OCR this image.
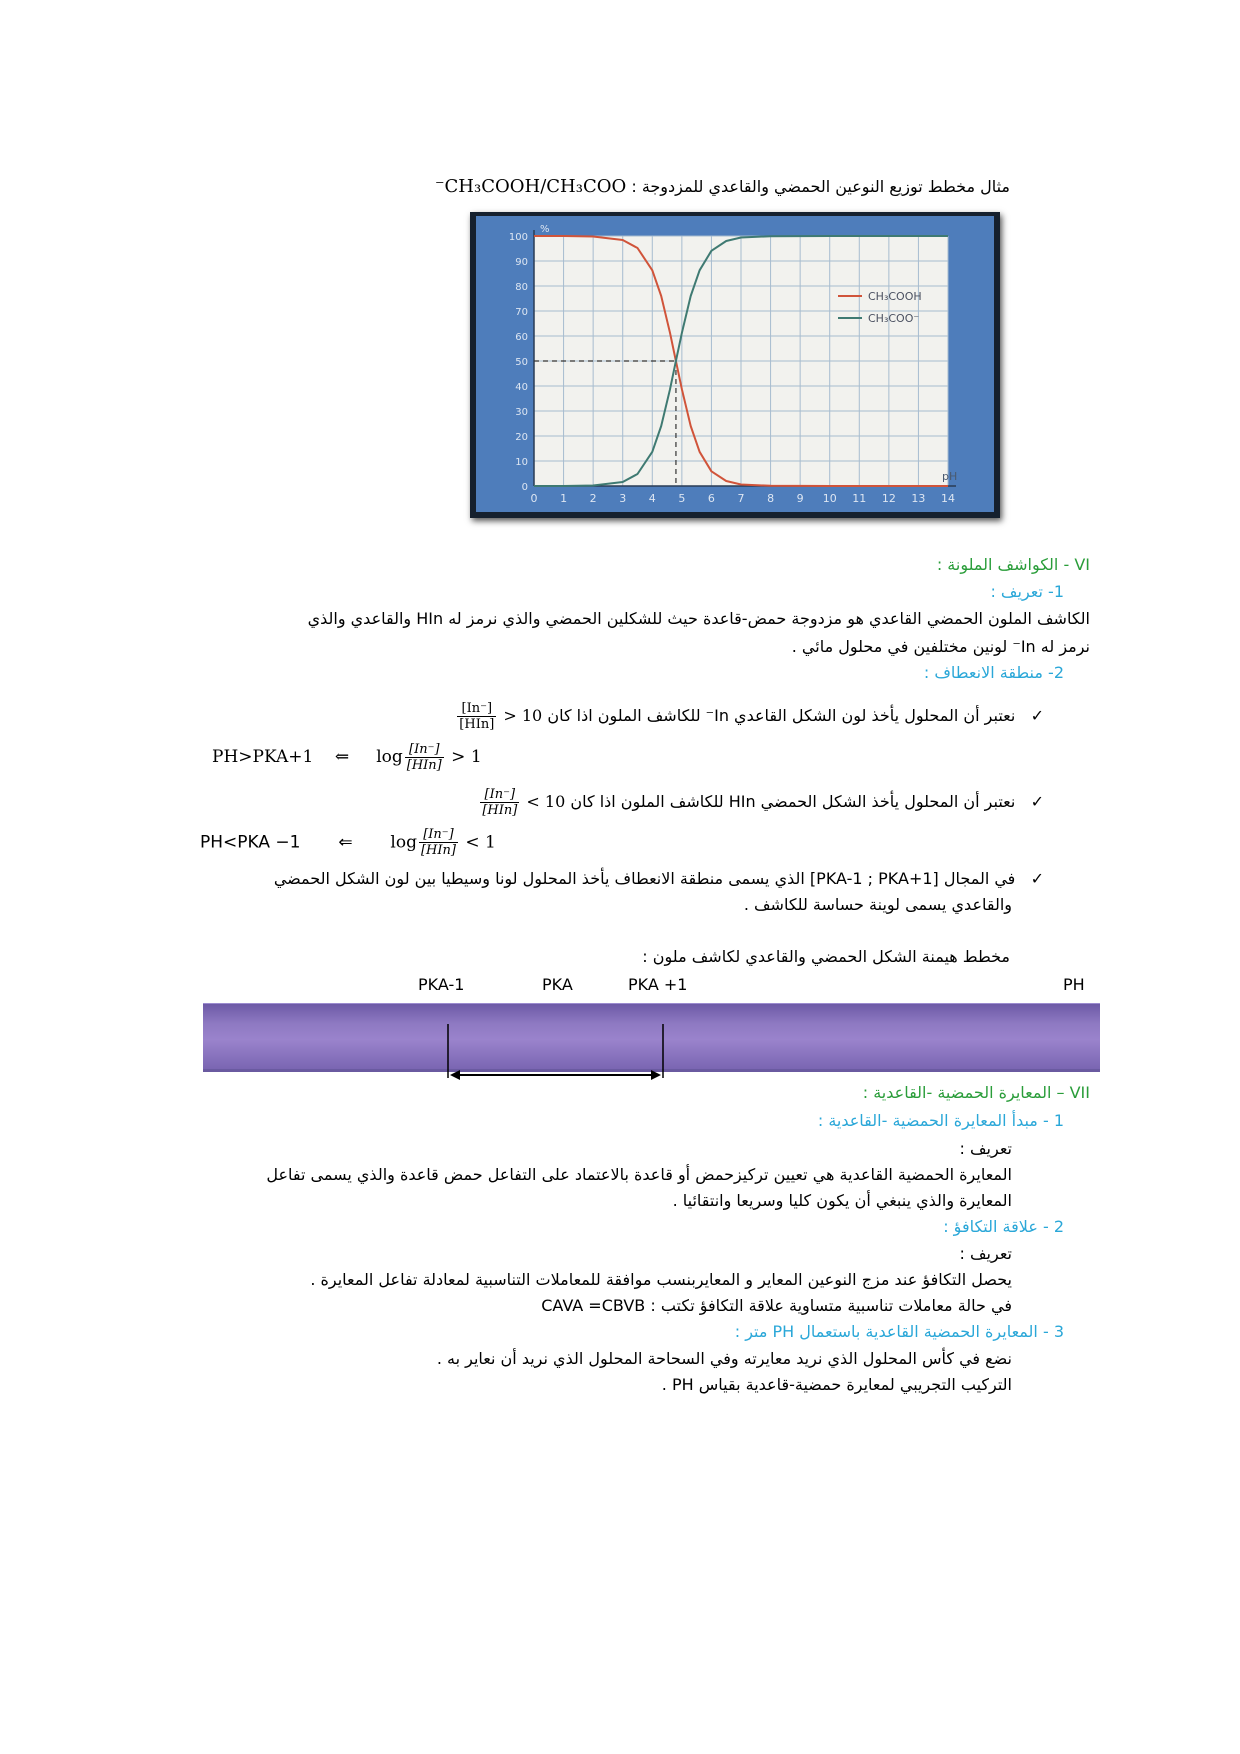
مثال مخطط توزيع النوعين الحمضي والقاعدي للمزدوجة : CH₃COOH/CH₃COO⁻
0 1 2 3 4 5 6 7 8 9 10 11 12 13 14
0
10
20
30
40
50
60
70
80
90
100
pH
%
CH₃COOH
CH₃COO⁻
VI - الكواشف الملونة :
1- تعريف :
الكاشف الملون الحمضي القاعدي هو مزدوجة حمض-قاعدة حيث للشكلين الحمضي والذي نرمز له HIn والقاعدي والذي
نرمز له In⁻ لونين مختلفين في محلول مائي .
2- منطقة الانعطاف :
✓   نعتبر أن المحلول يأخذ لون الشكل القاعدي In⁻ للكاشف الملون اذا كان
$\frac{[In^-]}{\text{[HIn]}} > 10$
PH>PKA+1 ⇐ $\log \frac{[In^-]}{\text{[HIn]}} > 1$
✓   نعتبر أن المحلول يأخذ الشكل الحمضي HIn للكاشف الملون اذا كان
$\frac{[In^-]}{\text{[HIn]}} < 10$
PH<PKA −1 ⇐ $\log \frac{[In^-]}{\text{[HIn]}} < 1$
✓   في المجال [PKA-1 ; PKA+1] الذي يسمى منطقة الانعطاف يأخذ المحلول لونا وسيطيا بين لون الشكل الحمضي
والقاعدي يسمى لوينة حساسة للكاشف .
مخطط هيمنة الشكل الحمضي والقاعدي لكاشف ملون :
PKA-1	PKA	PKA +1	PH
VII – المعايرة الحمضية -القاعدية :
1 - مبدأ المعايرة الحمضية -القاعدية :
تعريف :
المعايرة الحمضية القاعدية هي تعيين تركيزحمض أو قاعدة بالاعتماد على التفاعل حمض قاعدة والذي يسمى تفاعل
المعايرة والذي ينبغي أن يكون كليا وسريعا وانتقائيا .
2 - علاقة التكافؤ :
تعريف :
يحصل التكافؤ عند مزج النوعين المعاير و المعايربنسب موافقة للمعاملات التناسبية لمعادلة تفاعل المعايرة .
في حالة معاملات تناسبية متساوية علاقة التكافؤ تكتب : CAVA =CBVB
3 - المعايرة الحمضية القاعدية باستعمال PH متر :
نضع في كأس المحلول الذي نريد معايرته وفي السحاحة المحلول الذي نريد أن نعاير به .
التركيب التجريبي لمعايرة حمضية-قاعدية بقياس PH .
